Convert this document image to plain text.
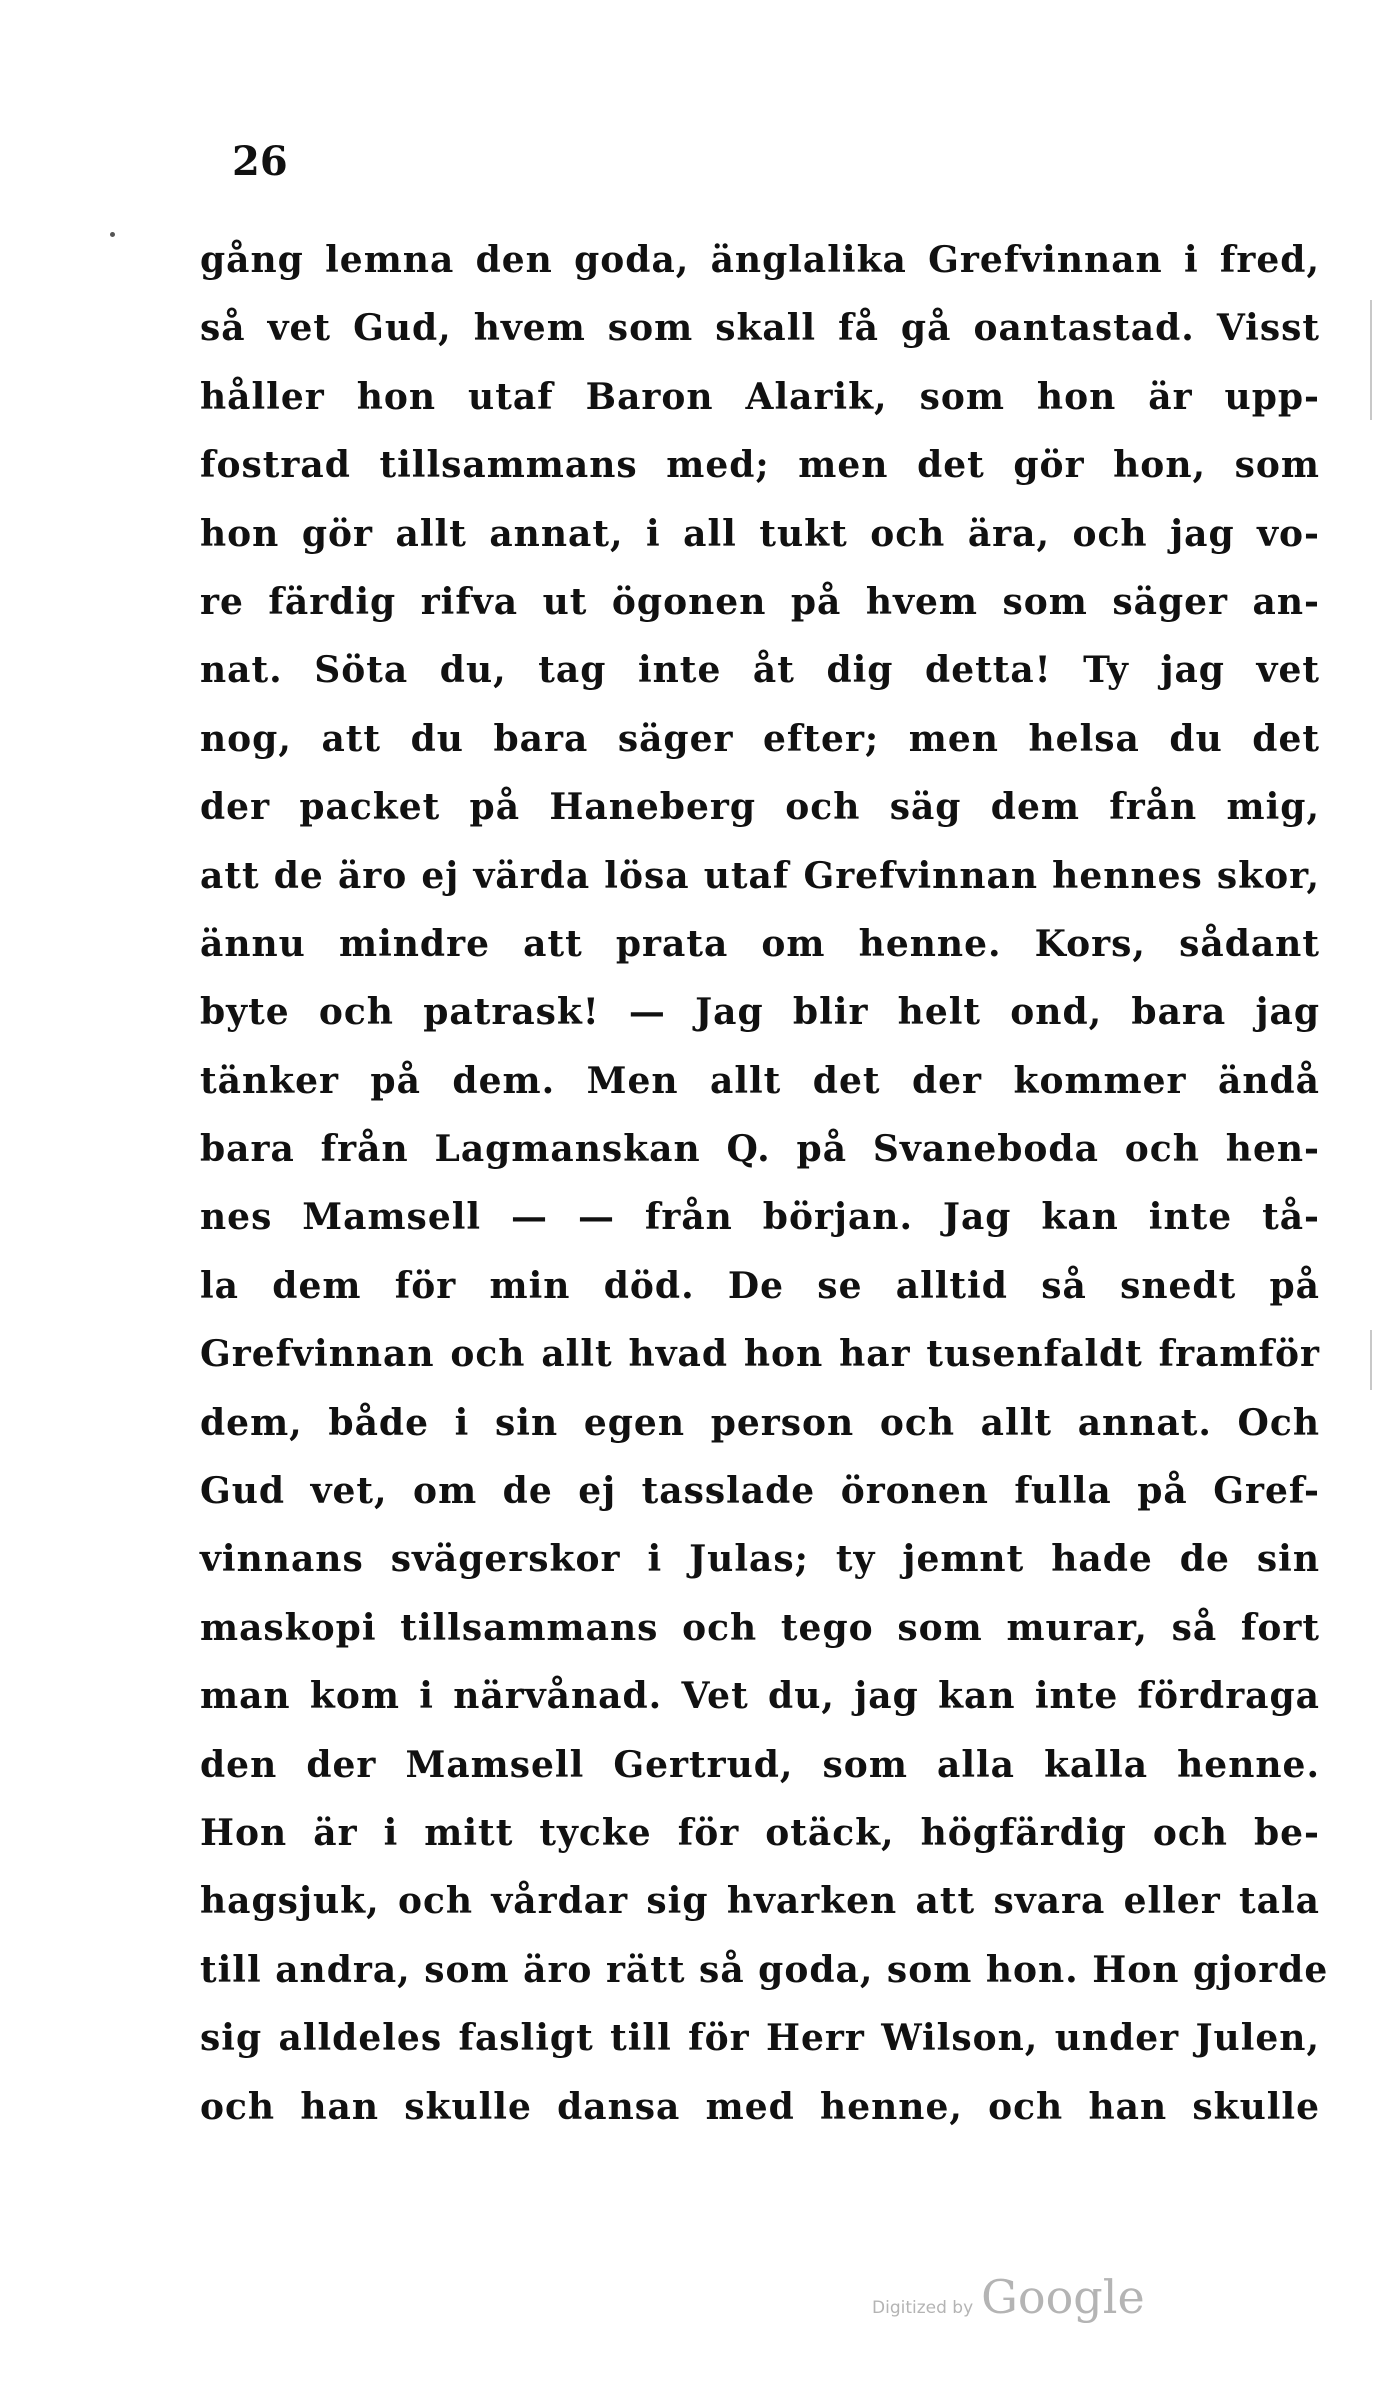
26
gång lemna den goda, änglalika Grefvinnan i fred,
så vet Gud, hvem som skall få gå oantastad. Visst
håller hon utaf Baron Alarik, som hon är upp-
fostrad tillsammans med; men det gör hon, som
hon gör allt annat, i all tukt och ära, och jag vo-
re färdig rifva ut ögonen på hvem som säger an-
nat. Söta du, tag inte åt dig detta! Ty jag vet
nog, att du bara säger efter; men helsa du det
der packet på Haneberg och säg dem från mig,
att de äro ej värda lösa utaf Grefvinnan hennes skor,
ännu mindre att prata om henne. Kors, sådant
byte och patrask! — Jag blir helt ond, bara jag
tänker på dem. Men allt det der kommer ändå
bara från Lagmanskan Q. på Svaneboda och hen-
nes Mamsell — — från början. Jag kan inte tå-
la dem för min död. De se alltid så snedt på
Grefvinnan och allt hvad hon har tusenfaldt framför
dem, både i sin egen person och allt annat. Och
Gud vet, om de ej tasslade öronen fulla på Gref-
vinnans svägerskor i Julas; ty jemnt hade de sin
maskopi tillsammans och tego som murar, så fort
man kom i närvånad. Vet du, jag kan inte fördraga
den der Mamsell Gertrud, som alla kalla henne.
Hon är i mitt tycke för otäck, högfärdig och be-
hagsjuk, och vårdar sig hvarken att svara eller tala
till andra, som äro rätt så goda, som hon. Hon gjorde
sig alldeles fasligt till för Herr Wilson, under Julen,
och han skulle dansa med henne, och han skulle
Digitized by Google
